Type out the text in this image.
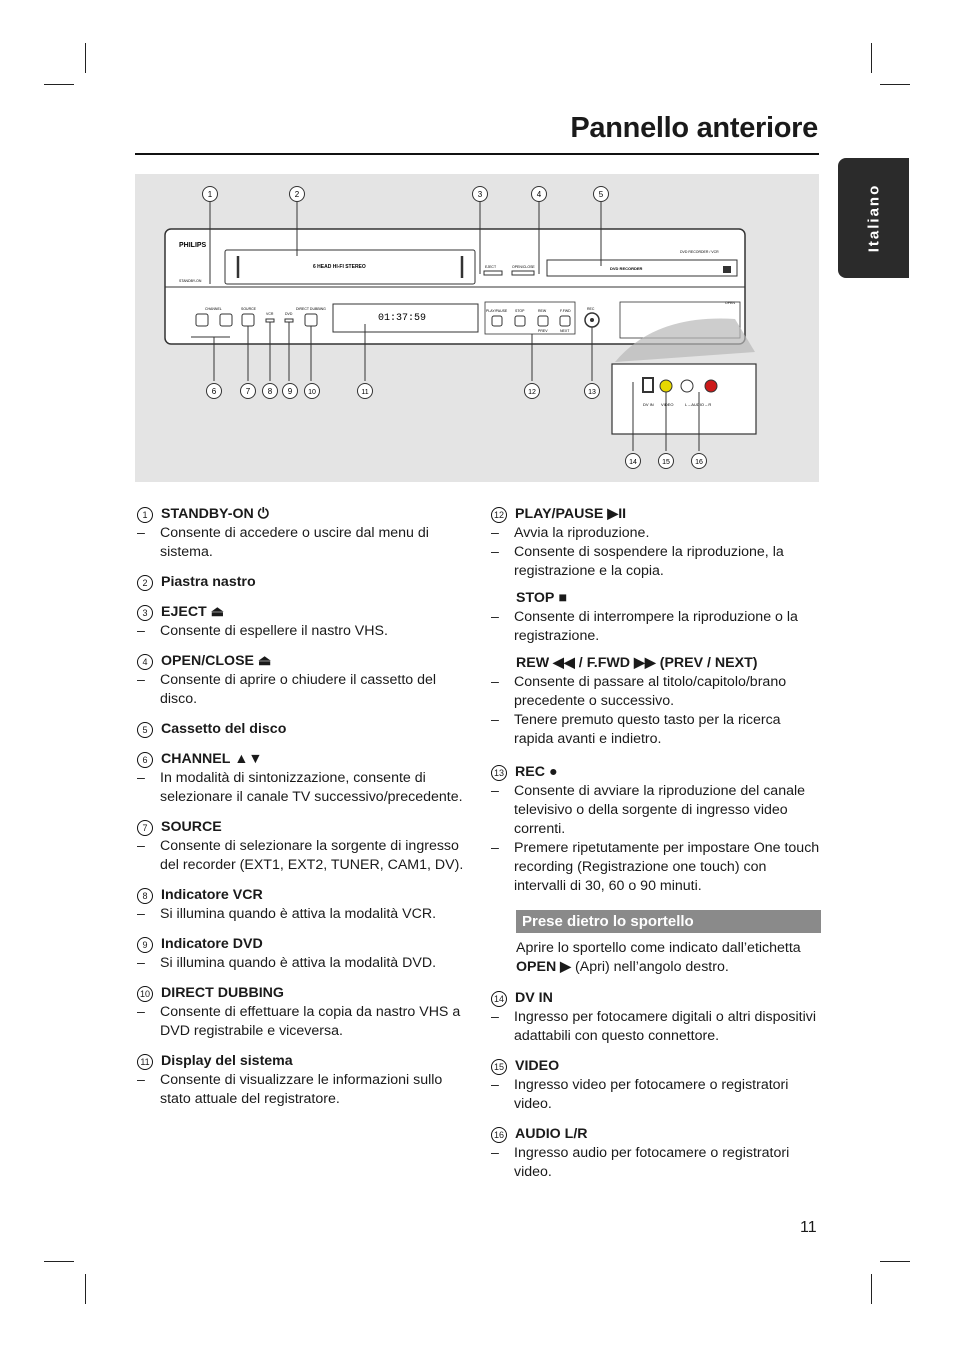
Pannello anteriore
Italiano
PHILIPS
STANDBY-ON
6 HEAD HI-FI STEREO	EJECT	OPEN/CLOSE	DVD RECORDER
DVD RECORDER / VCR
CHANNEL	SOURCE
VCR	DVD
DIRECT DUBBING
01:37:59
PLAY/PAUSE STOP	REW
PREV
F.FWD
NEXT
REC
OPEN
DV IN VIDEO	L – AUDIO – R
1	2	3	4	5
6	7 8 9 10	11	12	13
14	15	16
1 STANDBY-ON ⏻
– Consente di accedere o uscire dal menu di sistema.
2 Piastra nastro
3 EJECT ⏏
– Consente di espellere il nastro VHS.
4 OPEN/CLOSE ⏏
– Consente di aprire o chiudere il cassetto del disco.
5 Cassetto del disco
6 CHANNEL ▲▼
– In modalità di sintonizzazione, consente di selezionare il canale TV successivo/precedente.
7 SOURCE
– Consente di selezionare la sorgente di ingresso del recorder (EXT1, EXT2, TUNER, CAM1, DV).
8 Indicatore VCR
– Si illumina quando è attiva la modalità VCR.
9 Indicatore DVD
– Si illumina quando è attiva la modalità DVD.
10 DIRECT DUBBING
– Consente di effettuare la copia da nastro VHS a DVD registrabile e viceversa.
11 Display del sistema
– Consente di visualizzare le informazioni sullo stato attuale del registratore.
12 PLAY/PAUSE ▶II
– Avvia la riproduzione.
– Consente di sospendere la riproduzione, la registrazione e la copia.
STOP ■
– Consente di interrompere la riproduzione o la registrazione.
REW ◀◀ / F.FWD ▶▶ (PREV / NEXT)
– Consente di passare al titolo/capitolo/brano precedente o successivo.
– Tenere premuto questo tasto per la ricerca rapida avanti e indietro.
13 REC ●
– Consente di avviare la riproduzione del canale televisivo o della sorgente di ingresso video correnti.
– Premere ripetutamente per impostare One touch recording (Registrazione one touch) con intervalli di 30, 60 o 90 minuti.
Prese dietro lo sportello
Aprire lo sportello come indicato dall’etichetta OPEN ▶ (Apri) nell’angolo destro.
14 DV IN
– Ingresso per fotocamere digitali o altri dispositivi adattabili con questo connettore.
15 VIDEO
– Ingresso video per fotocamere o registratori video.
16 AUDIO L/R
– Ingresso audio per fotocamere o registratori video.
11
